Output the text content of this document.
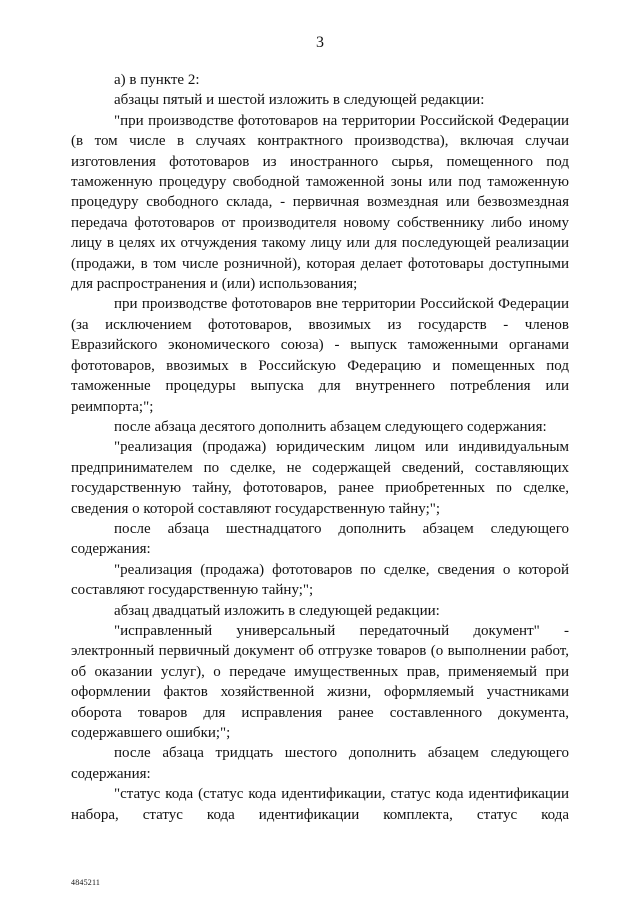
3

а) в пункте 2:

абзацы пятый и шестой изложить в следующей редакции:

"при производстве фототоваров на территории Российской Федерации (в том числе в случаях контрактного производства), включая случаи изготовления фототоваров из иностранного сырья, помещенного под таможенную процедуру свободной таможенной зоны или под таможенную процедуру свободного склада, - первичная возмездная или безвозмездная передача фототоваров от производителя новому собственнику либо иному лицу в целях их отчуждения такому лицу или для последующей реализации (продажи, в том числе розничной), которая делает фототовары доступными для распространения и (или) использования;

при производстве фототоваров вне территории Российской Федерации (за исключением фототоваров, ввозимых из государств - членов Евразийского экономического союза) - выпуск таможенными органами фототоваров, ввозимых в Российскую Федерацию и помещенных под таможенные процедуры выпуска для внутреннего потребления или реимпорта;";

после абзаца десятого дополнить абзацем следующего содержания:

"реализация (продажа) юридическим лицом или индивидуальным предпринимателем по сделке, не содержащей сведений, составляющих государственную тайну, фототоваров, ранее приобретенных по сделке, сведения о которой составляют государственную тайну;";

после абзаца шестнадцатого дополнить абзацем следующего содержания:

"реализация (продажа) фототоваров по сделке, сведения о которой составляют государственную тайну;";

абзац двадцатый изложить в следующей редакции:

"исправленный универсальный передаточный документ" - электронный первичный документ об отгрузке товаров (о выполнении работ, об оказании услуг), о передаче имущественных прав, применяемый при оформлении фактов хозяйственной жизни, оформляемый участниками оборота товаров для исправления ранее составленного документа, содержавшего ошибки;";

после абзаца тридцать шестого дополнить абзацем следующего содержания:

"статус кода (статус кода идентификации, статус кода идентификации набора, статус кода идентификации комплекта, статус кода

4845211
